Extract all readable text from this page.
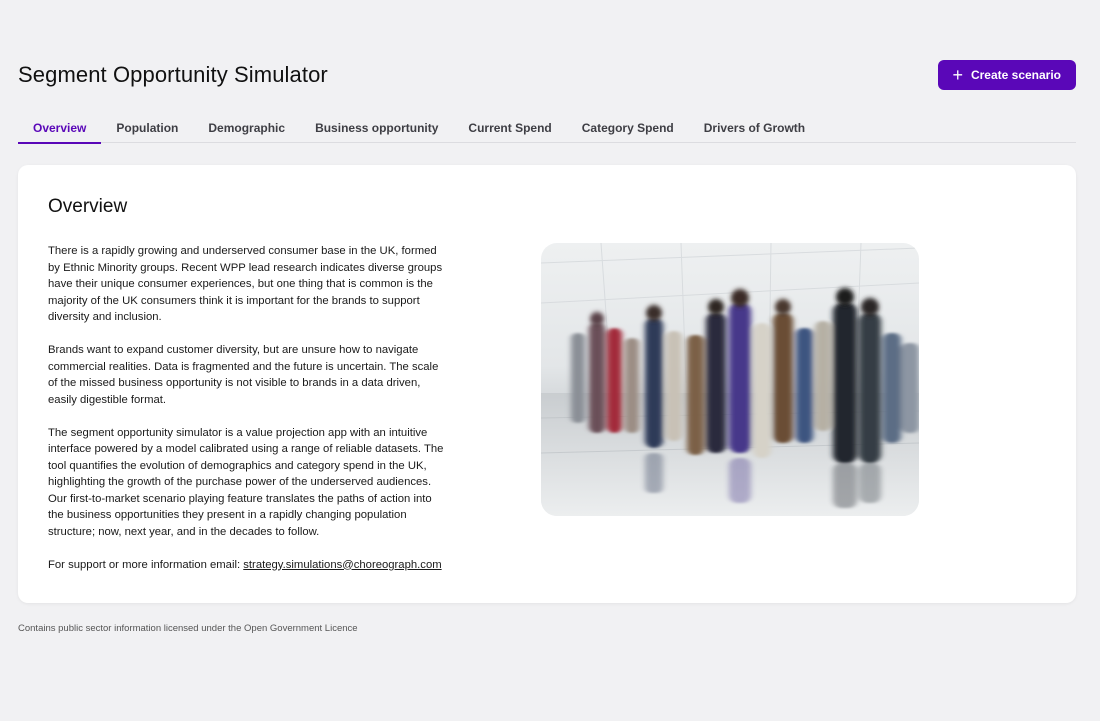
Segment Opportunity Simulator	+ Create scenario
Overview	Population	Demographic	Business opportunity	Current Spend	Category Spend	Drivers of Growth
Overview

There is a rapidly growing and underserved consumer base in the UK, formed by Ethnic Minority groups. Recent WPP lead research indicates diverse groups have their unique consumer experiences, but one thing that is common is the majority of the UK consumers think it is important for the brands to support diversity and inclusion.

Brands want to expand customer diversity, but are unsure how to navigate commercial realities. Data is fragmented and the future is uncertain. The scale of the missed business opportunity is not visible to brands in a data driven, easily digestible format.

The segment opportunity simulator is a value projection app with an intuitive interface powered by a model calibrated using a range of reliable datasets. The tool quantifies the evolution of demographics and category spend in the UK, highlighting the growth of the purchase power of the underserved audiences. Our first-to-market scenario playing feature translates the paths of action into the business opportunities they present in a rapidly changing population structure; now, next year, and in the decades to follow.

For support or more information email: strategy.simulations@choreograph.com

Contains public sector information licensed under the Open Government Licence
